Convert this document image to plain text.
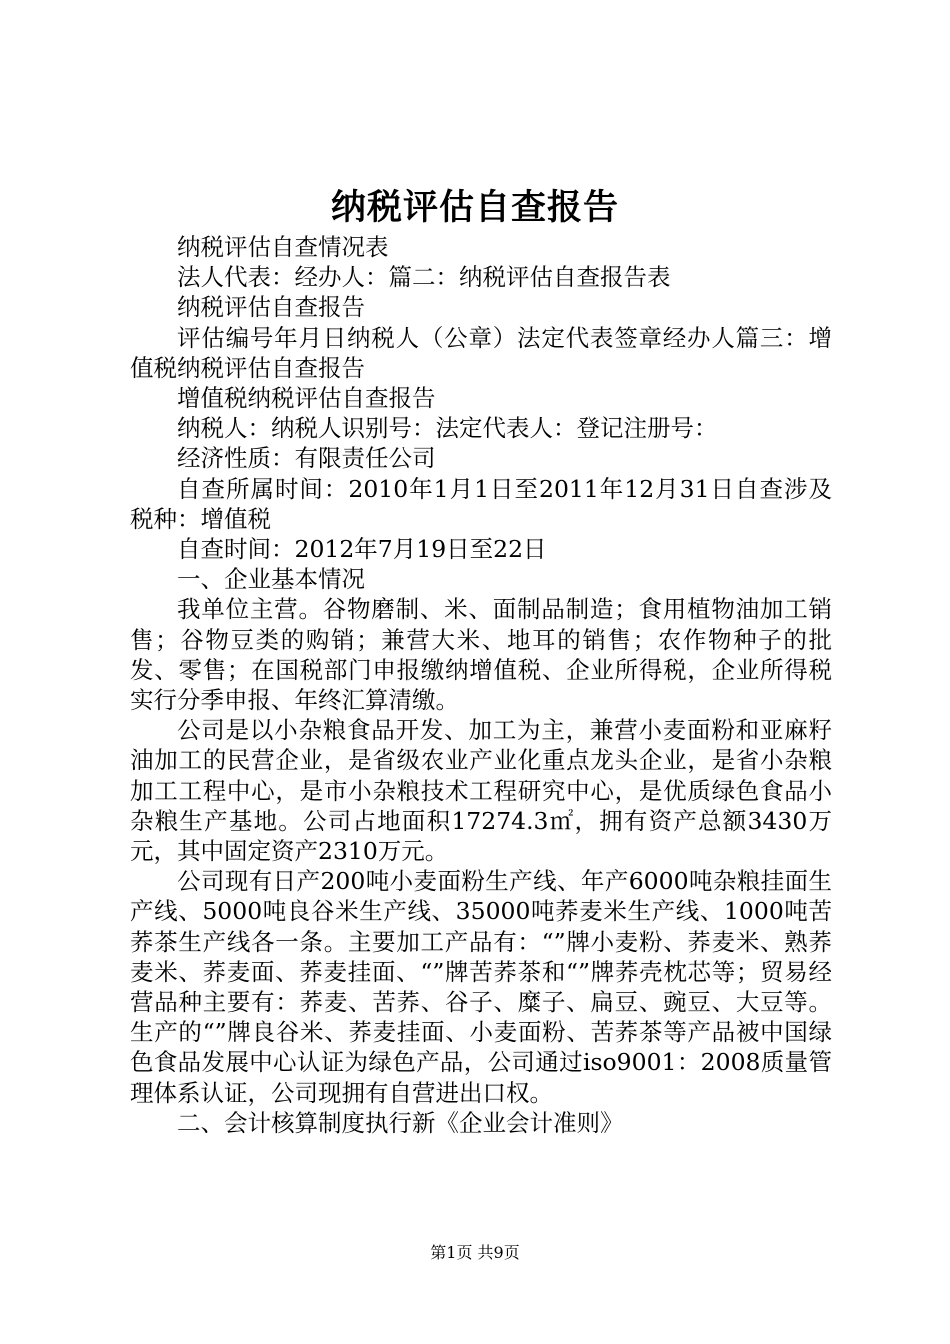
纳税评估自查报告

纳税评估自查情况表

法人代表：经办人：篇二：纳税评估自查报告表

纳税评估自查报告

评估编号年月日纳税人（公章）法定代表签章经办人篇三：增值税纳税评估自查报告

增值税纳税评估自查报告

纳税人：纳税人识别号：法定代表人：登记注册号：

经济性质：有限责任公司

自查所属时间：2010年1月1日至2011年12月31日自查涉及税种：增值税

自查时间：2012年7月19日至22日

一、企业基本情况

我单位主营。谷物磨制、米、面制品制造；食用植物油加工销售；谷物豆类的购销；兼营大米、地耳的销售；农作物种子的批发、零售；在国税部门申报缴纳增值税、企业所得税，企业所得税实行分季申报、年终汇算清缴。

公司是以小杂粮食品开发、加工为主，兼营小麦面粉和亚麻籽油加工的民营企业，是省级农业产业化重点龙头企业，是省小杂粮加工工程中心，是市小杂粮技术工程研究中心，是优质绿色食品小杂粮生产基地。公司占地面积17274.3㎡，拥有资产总额3430万元，其中固定资产2310万元。

公司现有日产200吨小麦面粉生产线、年产6000吨杂粮挂面生产线、5000吨良谷米生产线、35000吨荞麦米生产线、1000吨苦荞茶生产线各一条。主要加工产品有：“”牌小麦粉、荞麦米、熟荞麦米、荞麦面、荞麦挂面、“”牌苦荞茶和“”牌荞壳枕芯等；贸易经营品种主要有：荞麦、苦荞、谷子、糜子、扁豆、豌豆、大豆等。生产的“”牌良谷米、荞麦挂面、小麦面粉、苦荞茶等产品被中国绿色食品发展中心认证为绿色产品，公司通过iso9001：2008质量管理体系认证，公司现拥有自营进出口权。

二、会计核算制度执行新《企业会计准则》

第1页 共9页
